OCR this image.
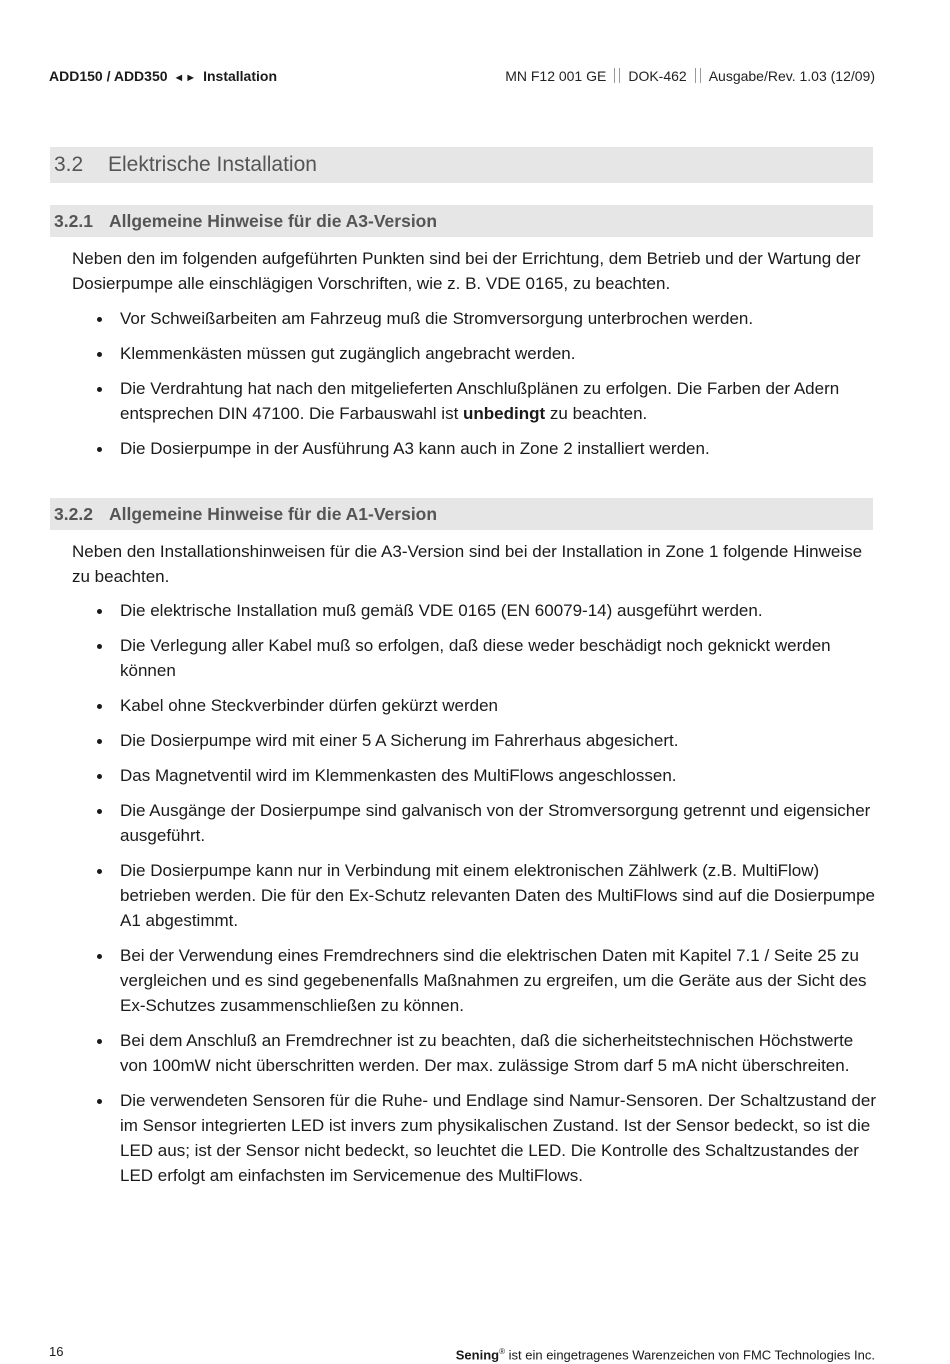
ADD150 / ADD350 ◄► Installation	MN F12 001 GE DOK-462 Ausgabe/Rev. 1.03 (12/09)
3.2 Elektrische Installation
3.2.1 Allgemeine Hinweise für die A3-Version

Neben den im folgenden aufgeführten Punkten sind bei der Errichtung, dem Betrieb und der Wartung der Dosierpumpe alle einschlägigen Vorschriften, wie z. B. VDE 0165, zu beachten.

Vor Schweißarbeiten am Fahrzeug muß die Stromversorgung unterbrochen werden.
Klemmenkästen müssen gut zugänglich angebracht werden.
Die Verdrahtung hat nach den mitgelieferten Anschlußplänen zu erfolgen. Die Farben der Adern entsprechen DIN 47100. Die Farbauswahl ist unbedingt zu beachten.
Die Dosierpumpe in der Ausführung A3 kann auch in Zone 2 installiert werden.
3.2.2 Allgemeine Hinweise für die A1-Version

Neben den Installationshinweisen für die A3-Version sind bei der Installation in Zone 1 folgende Hinweise zu beachten.

Die elektrische Installation muß gemäß VDE 0165 (EN 60079-14) ausgeführt werden.
Die Verlegung aller Kabel muß so erfolgen, daß diese weder beschädigt noch geknickt werden können
Kabel ohne Steckverbinder dürfen gekürzt werden
Die Dosierpumpe wird mit einer 5 A Sicherung im Fahrerhaus abgesichert.
Das Magnetventil wird im Klemmenkasten des MultiFlows angeschlossen.
Die Ausgänge der Dosierpumpe sind galvanisch von der Stromversorgung getrennt und eigensicher ausgeführt.
Die Dosierpumpe kann nur in Verbindung mit einem elektronischen Zählwerk (z.B. MultiFlow) betrieben werden. Die für den Ex-Schutz relevanten Daten des MultiFlows sind auf die Dosierpumpe A1 abgestimmt.
Bei der Verwendung eines Fremdrechners sind die elektrischen Daten mit Kapitel 7.1 / Seite 25 zu vergleichen und es sind gegebenenfalls Maßnahmen zu ergreifen, um die Geräte aus der Sicht des Ex-Schutzes zusammenschließen zu können.
Bei dem Anschluß an Fremdrechner ist zu beachten, daß die sicherheitstechnischen Höchstwerte von 100mW nicht überschritten werden. Der max. zulässige Strom darf 5 mA nicht überschreiten.
Die verwendeten Sensoren für die Ruhe- und Endlage sind Namur-Sensoren. Der Schaltzustand der im Sensor integrierten LED ist invers zum physikalischen Zustand. Ist der Sensor bedeckt, so ist die LED aus; ist der Sensor nicht bedeckt, so leuchtet die LED. Die Kontrolle des Schaltzustandes der LED erfolgt am einfachsten im Servicemenue des MultiFlows.
16	Sening® ist ein eingetragenes Warenzeichen von FMC Technologies Inc.
